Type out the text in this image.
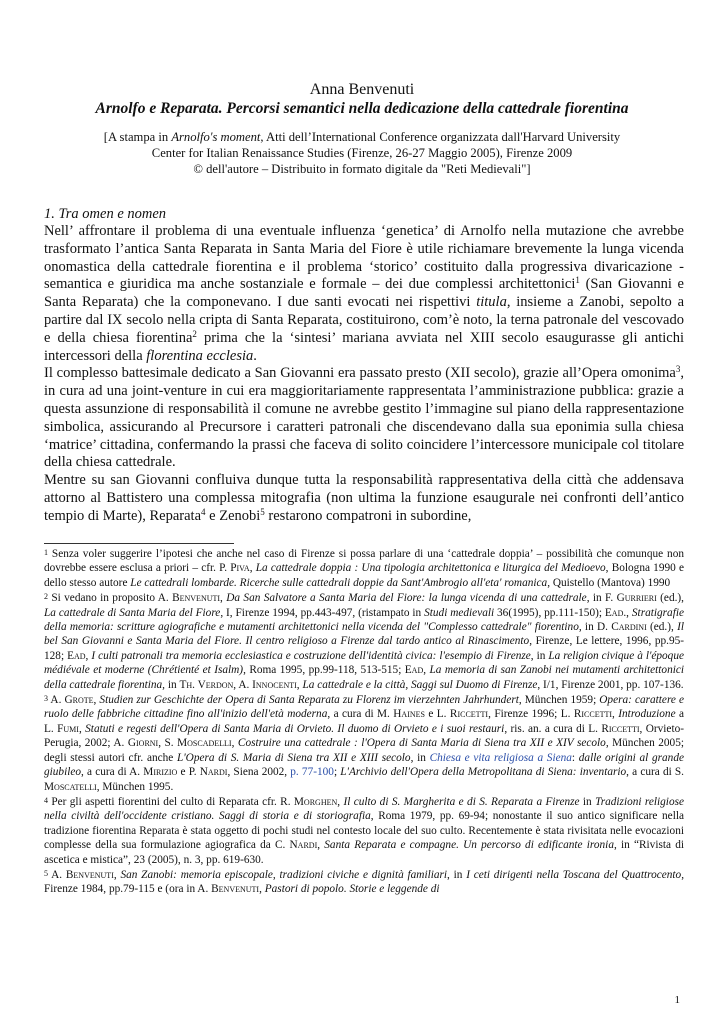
Anna Benvenuti
Arnolfo e Reparata. Percorsi semantici nella dedicazione della cattedrale fiorentina
[A stampa in Arnolfo's moment, Atti dell’International Conference organizzata dall'Harvard University
Center for Italian Renaissance Studies (Firenze, 26-27 Maggio 2005), Firenze 2009
© dell'autore – Distribuito in formato digitale da "Reti Medievali"]
1. Tra omen e nomen

Nell’ affrontare il problema di una eventuale influenza ‘genetica’ di Arnolfo nella mutazione che avrebbe trasformato l’antica Santa Reparata in Santa Maria del Fiore è utile richiamare brevemente la lunga vicenda onomastica della cattedrale fiorentina e il problema ‘storico’ costituito dalla progressiva divaricazione -semantica e giuridica ma anche sostanziale e formale – dei due complessi architettonici$^1$ (San Giovanni e Santa Reparata) che la componevano. I due santi evocati nei rispettivi titula, insieme a Zanobi, sepolto a partire dal IX secolo nella cripta di Santa Reparata, costituirono, com’è noto, la terna patronale del vescovado e della chiesa fiorentina$^2$ prima che la ‘sintesi’ mariana avviata nel XIII secolo esaugurasse gli antichi intercessori della florentina ecclesia.

Il complesso battesimale dedicato a San Giovanni era passato presto (XII secolo), grazie all’Opera omonima$^3$, in cura ad una joint-venture in cui era maggioritariamente rappresentata l’amministrazione pubblica: grazie a questa assunzione di responsabilità il comune ne avrebbe gestito l’immagine sul piano della rappresentazione simbolica, assicurando al Precursore i caratteri patronali che discendevano dalla sua eponimia sulla chiesa ‘matrice’ cittadina, confermando la prassi che faceva di solito coincidere l’intercessore municipale col titolare della chiesa cattedrale.

Mentre su san Giovanni confluiva dunque tutta la responsabilità rappresentativa della città che addensava attorno al Battistero una complessa mitografia (non ultima la funzione esaugurale nei confronti dell’antico tempio di Marte), Reparata$^4$ e Zenobi$^5$ restarono compatroni in subordine,

1 Senza voler suggerire l’ipotesi che anche nel caso di Firenze si possa parlare di una ‘cattedrale doppia’ – possibilità che comunque non dovrebbe essere esclusa a priori – cfr. P. Piva, La cattedrale doppia : Una tipologia architettonica e liturgica del Medioevo, Bologna 1990 e dello stesso autore Le cattedrali lombarde. Ricerche sulle cattedrali doppie da Sant'Ambrogio all'eta' romanica, Quistello (Mantova) 1990

2 Si vedano in proposito A. Benvenuti, Da San Salvatore a Santa Maria del Fiore: la lunga vicenda di una cattedrale, in F. Gurrieri (ed.), La cattedrale di Santa Maria del Fiore, I, Firenze 1994, pp.443-497, (ristampato in Studi medievali 36(1995), pp.111-150); Ead., Stratigrafie della memoria: scritture agiografiche e mutamenti architettonici nella vicenda del "Complesso cattedrale" fiorentino, in D. Cardini (ed.), Il bel San Giovanni e Santa Maria del Fiore. Il centro religioso a Firenze dal tardo antico al Rinascimento, Firenze, Le lettere, 1996, pp.95-128; Ead, I culti patronali tra memoria ecclesiastica e costruzione dell'identità civica: l'esempio di Firenze, in La religion civique à l'époque médiévale et moderne (Chrétienté et Isalm), Roma 1995, pp.99-118, 513-515; Ead, La memoria di san Zanobi nei mutamenti architettonici della cattedrale fiorentina, in Th. Verdon, A. Innocenti, La cattedrale e la città, Saggi sul Duomo di Firenze, I/1, Firenze 2001, pp. 107-136.

3 A. Grote, Studien zur Geschichte der Opera di Santa Reparata zu Florenz im vierzehnten Jahrhundert, München 1959; Opera: carattere e ruolo delle fabbriche cittadine fino all'inizio dell'età moderna, a cura di M. Haines e L. Riccetti, Firenze 1996; L. Riccetti, Introduzione a L. Fumi, Statuti e regesti dell'Opera di Santa Maria di Orvieto. Il duomo di Orvieto e i suoi restauri, ris. an. a cura di L. Riccetti, Orvieto- Perugia, 2002; A. Giorni, S. Moscadelli, Costruire una cattedrale : l'Opera di Santa Maria di Siena tra XII e XIV secolo, München 2005; degli stessi autori cfr. anche L'Opera di S. Maria di Siena tra XII e XIII secolo, in Chiesa e vita religiosa a Siena: dalle origini al grande giubileo, a cura di A. Mirizio e P. Nardi, Siena 2002, p. 77-100; L'Archivio dell'Opera della Metropolitana di Siena: inventario, a cura di S. Moscatelli, München 1995.

4 Per gli aspetti fiorentini del culto di Reparata cfr. R. Morghen, Il culto di S. Margherita e di S. Reparata a Firenze in Tradizioni religiose nella civiltà dell'occidente cristiano. Saggi di storia e di storiografia, Roma 1979, pp. 69-94; nonostante il suo antico significare nella tradizione fiorentina Reparata è stata oggetto di pochi studi nel contesto locale del suo culto. Recentemente è stata rivisitata nelle evocazioni complesse della sua formulazione agiografica da C. Nardi, Santa Reparata e compagne. Un percorso di edificante ironia, in “Rivista di ascetica e mistica”, 23 (2005), n. 3, pp. 619-630.

5 A. Benvenuti, San Zanobi: memoria episcopale, tradizioni civiche e dignità familiari, in I ceti dirigenti nella Toscana del Quattrocento, Firenze 1984, pp.79-115 e (ora in A. Benvenuti, Pastori di popolo. Storie e leggende di

1
